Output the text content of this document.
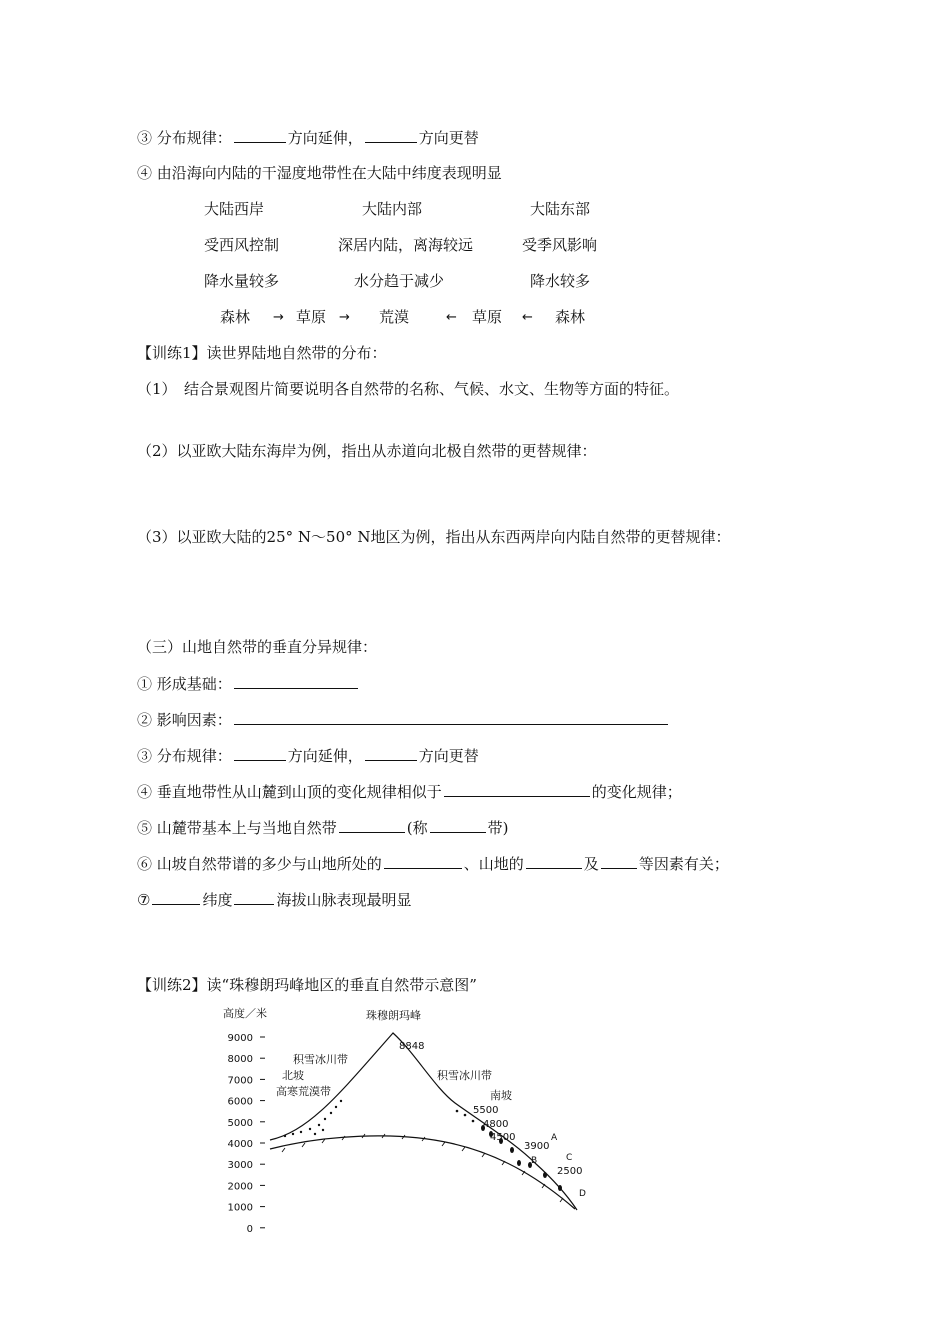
③ 分布规律：	方向延伸，	方向更替
④ 由沿海向内陆的干湿度地带性在大陆中纬度表现明显
大陆西岸	大陆内部	大陆东部
受西风控制	深居内陆，离海较远	受季风影响
降水量较多	水分趋于减少	降水较多
森林 → 草原 → 荒漠	← 草原 ← 森林
【训练1】读世界陆地自然带的分布：
（1）　结合景观图片简要说明各自然带的名称、气候、水文、生物等方面的特征。
（2）以亚欧大陆东海岸为例，指出从赤道向北极自然带的更替规律：
（3）以亚欧大陆的25° N～50° N地区为例，指出从东西两岸向内陆自然带的更替规律：
（三）山地自然带的垂直分异规律：
① 形成基础：
② 影响因素：
③ 分布规律：	方向延伸，	方向更替
④ 垂直地带性从山麓到山顶的变化规律相似于	的变化规律；
⑤ 山麓带基本上与当地自然带	(称	带)
⑥ 山坡自然带谱的多少与山地所处的	、山地的	及	等因素有关；
⑦	纬度	海拔山脉表现最明显
【训练2】读“珠穆朗玛峰地区的垂直自然带示意图”
高度／米	珠穆朗玛峰
9000
8000
7000
6000
5000
4000
3000
2000
1000
0
8848
积雪冰川带
北坡
高寒荒漠带
积雪冰川带
南坡
5500
4800
4500
3900
2500
A
B	C
D
